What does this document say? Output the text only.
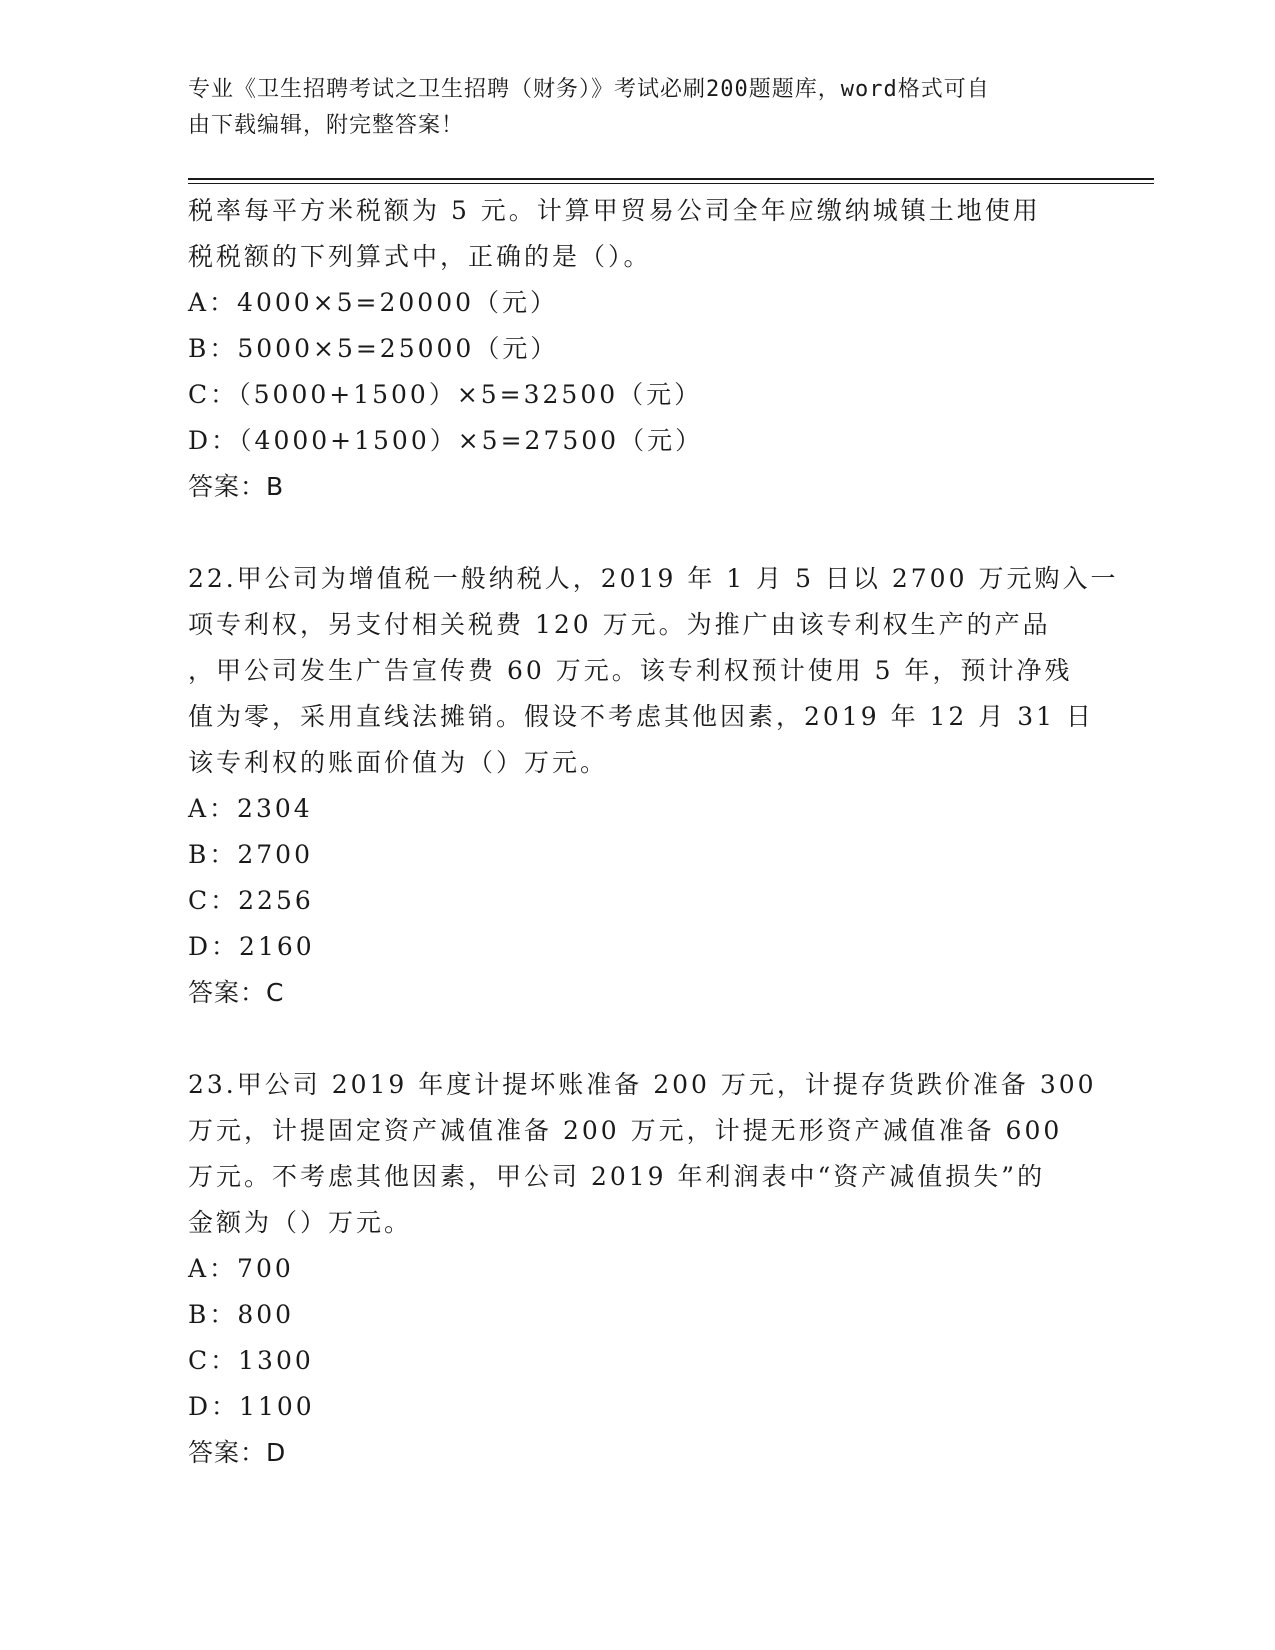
专业《卫生招聘考试之卫生招聘（财务）》考试必刷200题题库，word格式可自
由下载编辑，附完整答案！
税率每平方米税额为 5 元。计算甲贸易公司全年应缴纳城镇土地使用
税税额的下列算式中，正确的是（）。
A：4000×5=20000（元）
B：5000×5=25000（元）
C：（5000+1500）×5=32500（元）
D：（4000+1500）×5=27500（元）
答案：B
22.甲公司为增值税一般纳税人，2019 年 1 月 5 日以 2700 万元购入一
项专利权，另支付相关税费 120 万元。为推广由该专利权生产的产品
，甲公司发生广告宣传费 60 万元。该专利权预计使用 5 年，预计净残
值为零，采用直线法摊销。假设不考虑其他因素，2019 年 12 月 31 日
该专利权的账面价值为（）万元。
A：2304
B：2700
C：2256
D：2160
答案：C
23.甲公司 2019 年度计提坏账准备 200 万元，计提存货跌价准备 300
万元，计提固定资产减值准备 200 万元，计提无形资产减值准备 600
万元。不考虑其他因素，甲公司 2019 年利润表中“资产减值损失”的
金额为（）万元。
A：700
B：800
C：1300
D：1100
答案：D
